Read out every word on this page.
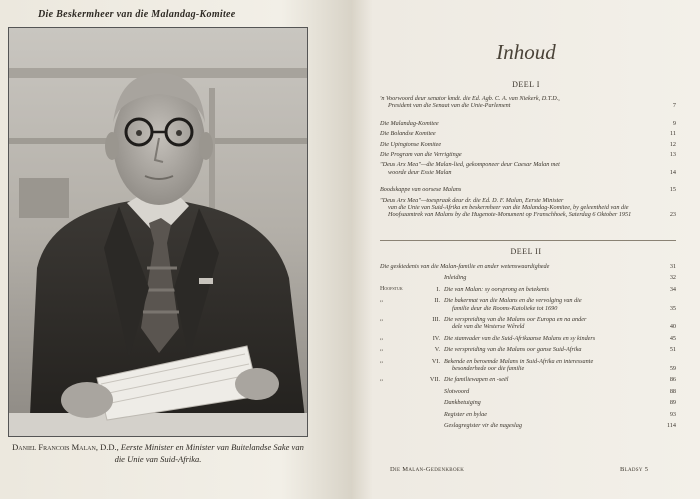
Die Beskermheer van die Malandag-Komitee
Daniel Francois Malan, D.D., Eerste Minister en Minister van Buitelandse Sake van die Unie van Suid-Afrika.
Inhoud
DEEL I
'n Voorwoord deur senator kmdt. die Ed. Agb. C. A. van Niekerk, D.T.D.,
President van die Senaat van die Unie-Parlement	7
Die Malandag-Komitee	9
Die Bolandse Komitee	11
Die Upingtonse Komitee	12
Die Program van die Verrigtinge	13
"Deus Arx Mea"—die Malan-lied, gekomponeer deur Caesar Malan met
woorde deur Essie Malan	14
Boodskappe van oorsese Malans	15
"Deus Arx Mea"—toespraak deur dr. die Ed. D. F. Malan, Eerste Minister
van die Unie van Suid-Afrika en beskermheer van die Malandag-Komitee, by geleentheid van die Hoofsaamtrek van Malans by die Hugenote-Monument op Franschhoek, Saterdag 6 Oktober 1951	23
DEEL II
Die geskiedenis van die Malan-familie en ander wetenswaardighede	31
Inleiding	32
Hoofstuk	I. Die van Malan: sy oorsprong en betekenis	34
,,	II. Die bakermat van die Malans en die vervolging van die
familie deur die Rooms-Katolieke tot 1690	35
,,	III. Die verspreiding van die Malans oor Europa en na ander
dele van die Westerse Wêreld	40
,,	IV. Die stamvader van die Suid-Afrikaanse Malans en sy kinders	45
,,	V. Die verspreiding van die Malans oor ganse Suid-Afrika	51
,,	VI. Bekende en beroemde Malans in Suid-Afrika en interessante
besonderhede oor die familie	59
,,	VII. Die familiewapen en -seël	86
Slotwoord	88
Dankbetuiging	89
Register en bylae	93
Geslagregister vir die nageslag	114
Die Malan-Gedenkboek	Bladsy 5
